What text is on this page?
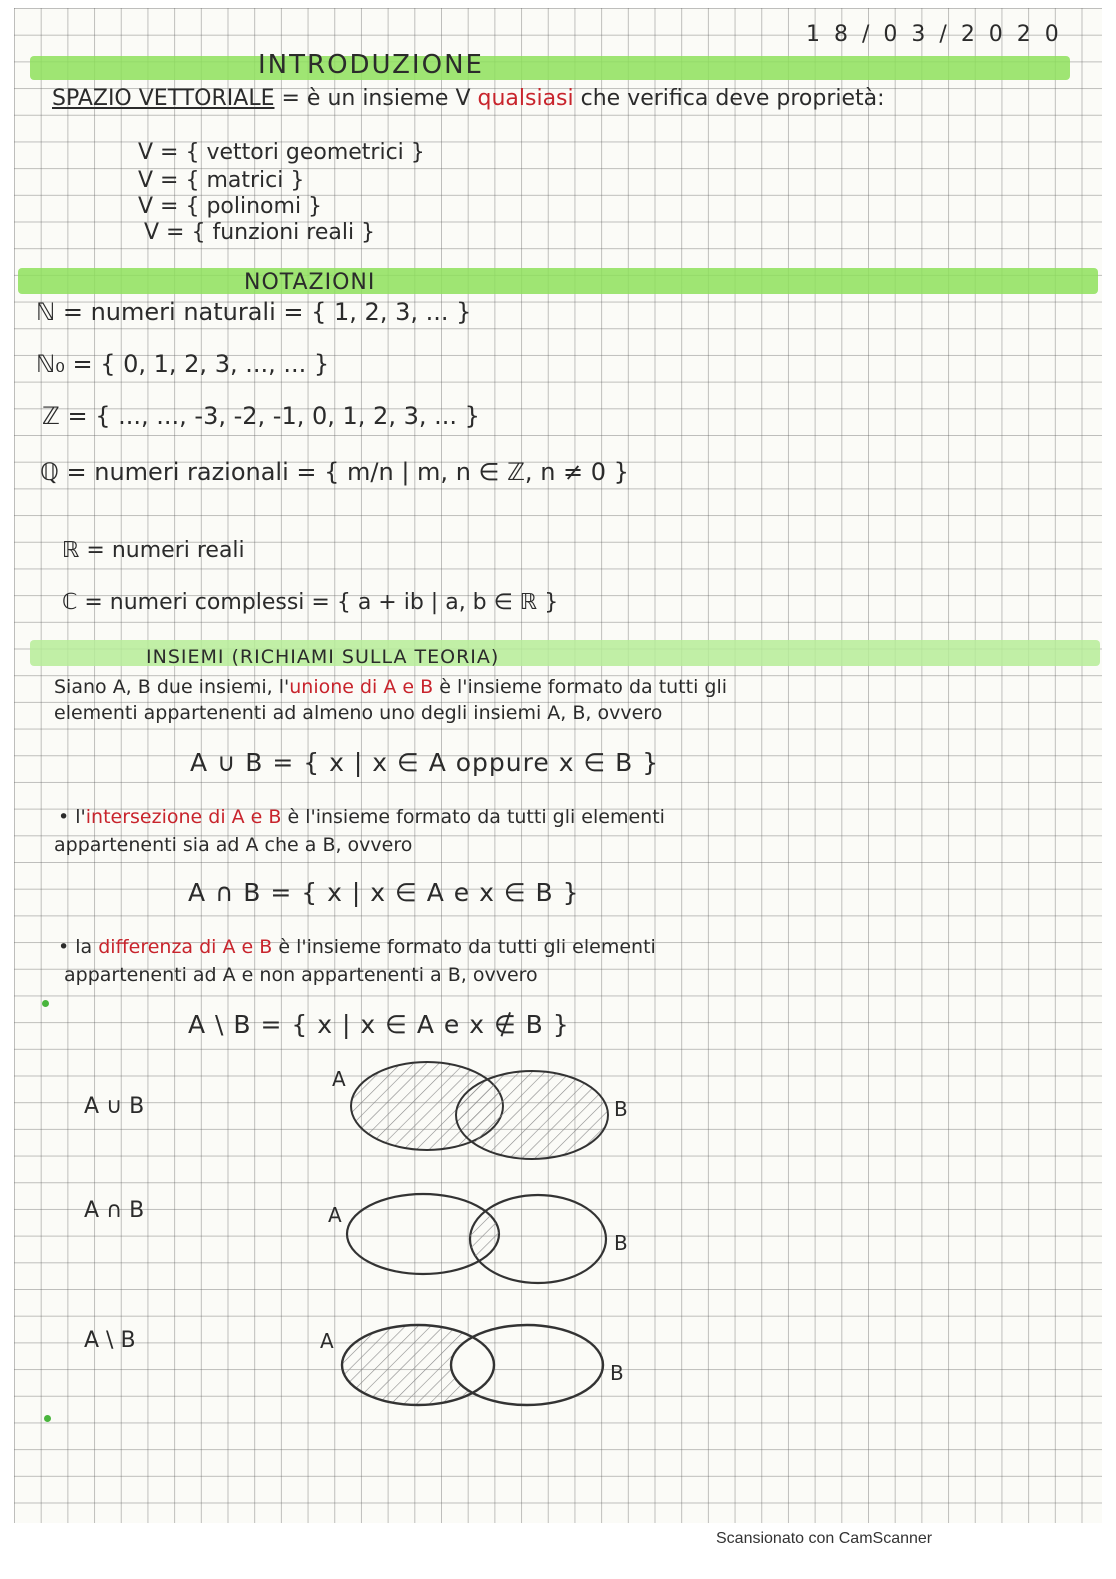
18/03/2020
INTRODUZIONE
SPAZIO VETTORIALE = è un insieme V qualsiasi che verifica deve proprietà:
V = { vettori geometrici }
V = { matrici }
V = { polinomi }
V = { funzioni reali }
NOTAZIONI
ℕ = numeri naturali = { 1, 2, 3, ... }
ℕ₀ = { 0, 1, 2, 3, ..., ... }
ℤ = { ..., ..., -3, -2, -1, 0, 1, 2, 3, ... }
ℚ = numeri razionali = { m/n | m, n ∈ ℤ, n ≠ 0 }
ℝ = numeri reali
ℂ = numeri complessi = { a + ib | a, b ∈ ℝ }
INSIEMI (RICHIAMI SULLA TEORIA)
Siano A, B due insiemi, l'unione di A e B è l'insieme formato da tutti gli
elementi appartenenti ad almeno uno degli insiemi A, B, ovvero
A ∪ B = { x | x ∈ A oppure x ∈ B }
• l'intersezione di A e B è l'insieme formato da tutti gli elementi
appartenenti sia ad A che a B, ovvero
A ∩ B = { x | x ∈ A e x ∈ B }
• la differenza di A e B è l'insieme formato da tutti gli elementi
appartenenti ad A e non appartenenti a B, ovvero
A \ B = { x | x ∈ A e x ∉ B }
A ∪ B
A ∩ B
A \ B
A
B
A
B
A
B
Scansionato con CamScanner
